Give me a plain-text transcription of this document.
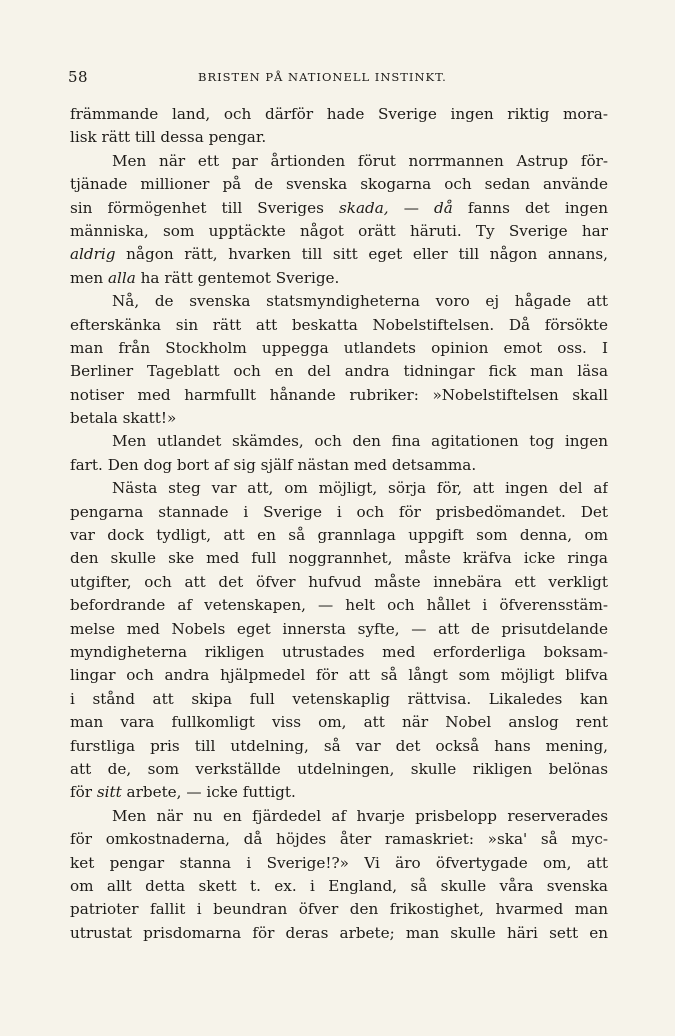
58	BRISTEN PÅ NATIONELL INSTINKT.
främmande land, och därför hade Sverige ingen riktig mora-
lisk rätt till dessa pengar.
Men när ett par årtionden förut norrmannen Astrup för-
tjänade millioner på de svenska skogarna och sedan använde
sin förmögenhet till Sveriges skada, — då fanns det ingen
människa, som upptäckte något orätt häruti. Ty Sverige har
aldrig någon rätt, hvarken till sitt eget eller till någon annans,
men alla ha rätt gentemot Sverige.
Nå, de svenska statsmyndigheterna voro ej hågade att
efterskänka sin rätt att beskatta Nobelstiftelsen. Då försökte
man från Stockholm uppegga utlandets opinion emot oss. I
Berliner Tageblatt och en del andra tidningar fick man läsa
notiser med harmfullt hånande rubriker: »Nobelstiftelsen skall
betala skatt!»
Men utlandet skämdes, och den fina agitationen tog ingen
fart. Den dog bort af sig själf nästan med detsamma.
Nästa steg var att, om möjligt, sörja för, att ingen del af
pengarna stannade i Sverige i och för prisbedömandet. Det
var dock tydligt, att en så grannlaga uppgift som denna, om
den skulle ske med full noggrannhet, måste kräfva icke ringa
utgifter, och att det öfver hufvud måste innebära ett verkligt
befordrande af vetenskapen, — helt och hållet i öfverensstäm-
melse med Nobels eget innersta syfte, — att de prisutdelande
myndigheterna rikligen utrustades med erforderliga boksam-
lingar och andra hjälpmedel för att så långt som möjligt blifva
i stånd att skipa full vetenskaplig rättvisa. Likaledes kan
man vara fullkomligt viss om, att när Nobel anslog rent
furstliga pris till utdelning, så var det också hans mening,
att de, som verkställde utdelningen, skulle rikligen belönas
för sitt arbete, — icke futtigt.
Men när nu en fjärdedel af hvarje prisbelopp reserverades
för omkostnaderna, då höjdes åter ramaskriet: »ska' så myc-
ket pengar stanna i Sverige!?» Vi äro öfvertygade om, att
om allt detta skett t. ex. i England, så skulle våra svenska
patrioter fallit i beundran öfver den frikostighet, hvarmed man
utrustat prisdomarna för deras arbete; man skulle häri sett en
